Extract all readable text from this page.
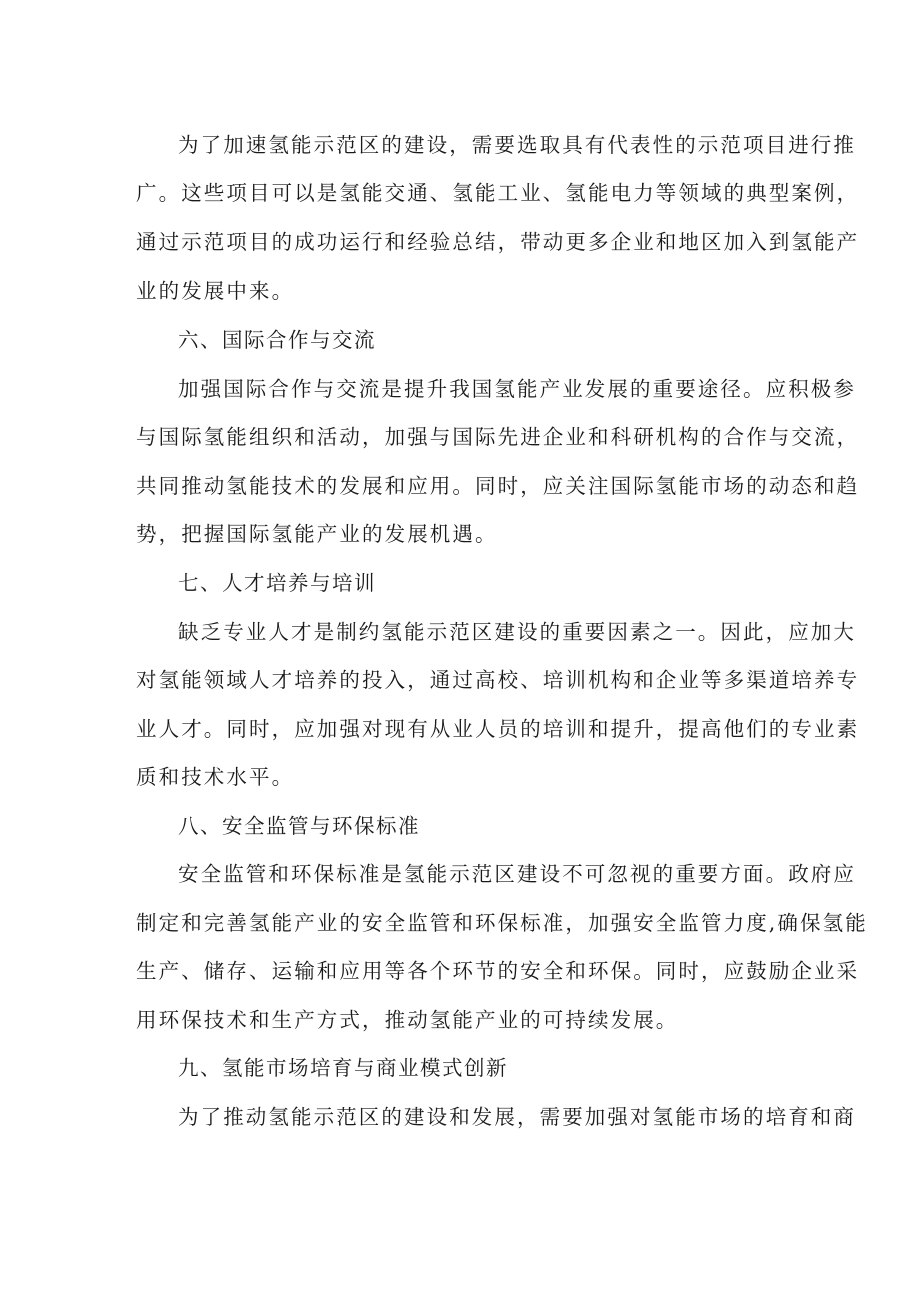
为了加速氢能示范区的建设，需要选取具有代表性的示范项目进行推
广。这些项目可以是氢能交通、氢能工业、氢能电力等领域的典型案例，
通过示范项目的成功运行和经验总结，带动更多企业和地区加入到氢能产
业的发展中来。
六、国际合作与交流
加强国际合作与交流是提升我国氢能产业发展的重要途径。应积极参
与国际氢能组织和活动，加强与国际先进企业和科研机构的合作与交流，
共同推动氢能技术的发展和应用。同时，应关注国际氢能市场的动态和趋
势，把握国际氢能产业的发展机遇。
七、人才培养与培训
缺乏专业人才是制约氢能示范区建设的重要因素之一。因此，应加大
对氢能领域人才培养的投入，通过高校、培训机构和企业等多渠道培养专
业人才。同时，应加强对现有从业人员的培训和提升，提高他们的专业素
质和技术水平。
八、安全监管与环保标准
安全监管和环保标准是氢能示范区建设不可忽视的重要方面。政府应
制定和完善氢能产业的安全监管和环保标准，加强安全监管力度,确保氢能
生产、储存、运输和应用等各个环节的安全和环保。同时，应鼓励企业采
用环保技术和生产方式，推动氢能产业的可持续发展。
九、氢能市场培育与商业模式创新
为了推动氢能示范区的建设和发展，需要加强对氢能市场的培育和商
